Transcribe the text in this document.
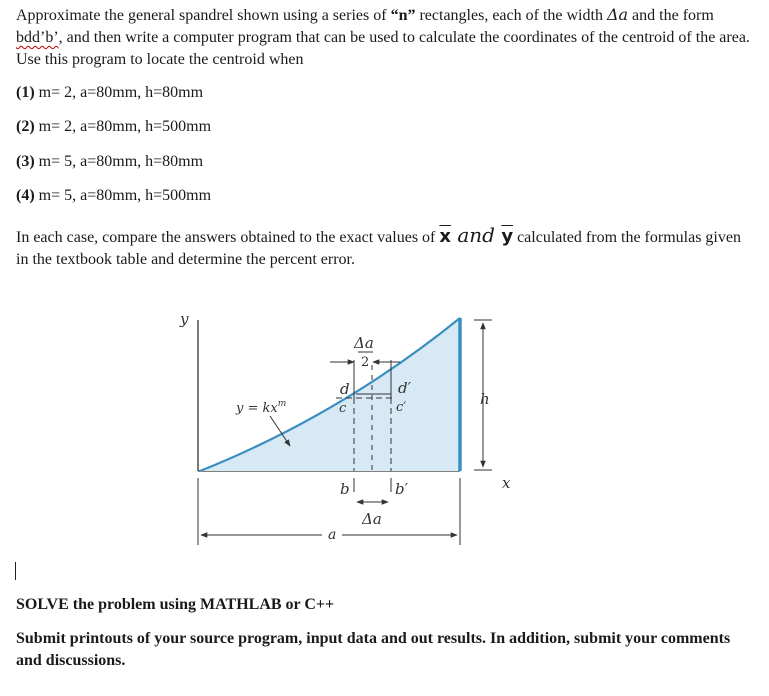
Approximate the general spandrel shown using a series of “n” rectangles, each of the width Δa and the form bdd’b’, and then write a computer program that can be used to calculate the coordinates of the centroid of the area. Use this program to locate the centroid when

(1) m= 2, a=80mm, h=80mm

(2) m= 2, a=80mm, h=500mm

(3) m= 5, a=80mm, h=80mm

(4) m= 5, a=80mm, h=500mm

In each case, compare the answers obtained to the exact values of $\overline{x}$ and $\overline{y}$ calculated from the formulas given in the textbook table and determine the percent error.

Δa
2
d
c
d′
c′
$y = kx^m$
y
h
b	b′
Δa
x
a

SOLVE the problem using MATHLAB or C++

Submit printouts of your source program, input data and out results. In addition, submit your comments and discussions.
